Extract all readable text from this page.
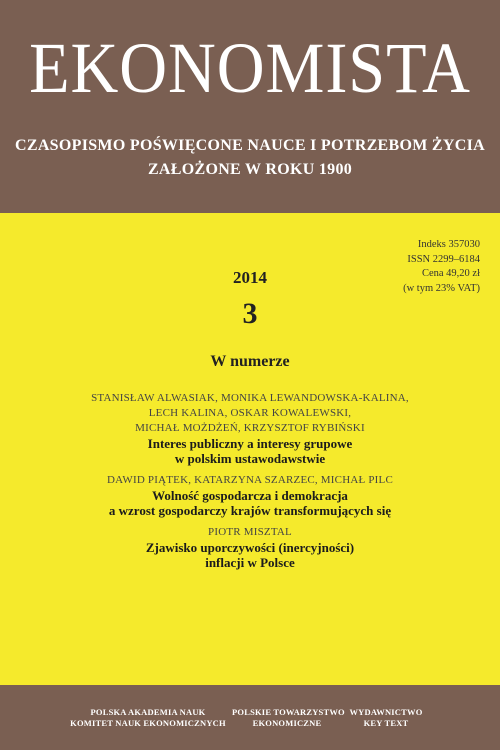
EKONOMISTA
CZASOPISMO POŚWIĘCONE NAUCE I POTRZEBOM ŻYCIA
ZAŁOŻONE W ROKU 1900
Indeks 357030
ISSN 2299–6184
Cena 49,20 zł
(w tym 23% VAT)
2014
3
W numerze
STANISŁAW ALWASIAK, MONIKA LEWANDOWSKA-KALINA,
LECH KALINA, OSKAR KOWALEWSKI,
MICHAŁ MOŻDŻEŃ, KRZYSZTOF RYBIŃSKI
Interes publiczny a interesy grupowe
w polskim ustawodawstwie
DAWID PIĄTEK, KATARZYNA SZARZEC, MICHAŁ PILC
Wolność gospodarcza i demokracja
a wzrost gospodarczy krajów transformujących się
PIOTR MISZTAL
Zjawisko uporczywości (inercyjności)
inflacji w Polsce
POLSKA AKADEMIA NAUK
KOMITET NAUK EKONOMICZNYCH
POLSKIE TOWARZYSTWO
EKONOMICZNE
WYDAWNICTWO
KEY TEXT
